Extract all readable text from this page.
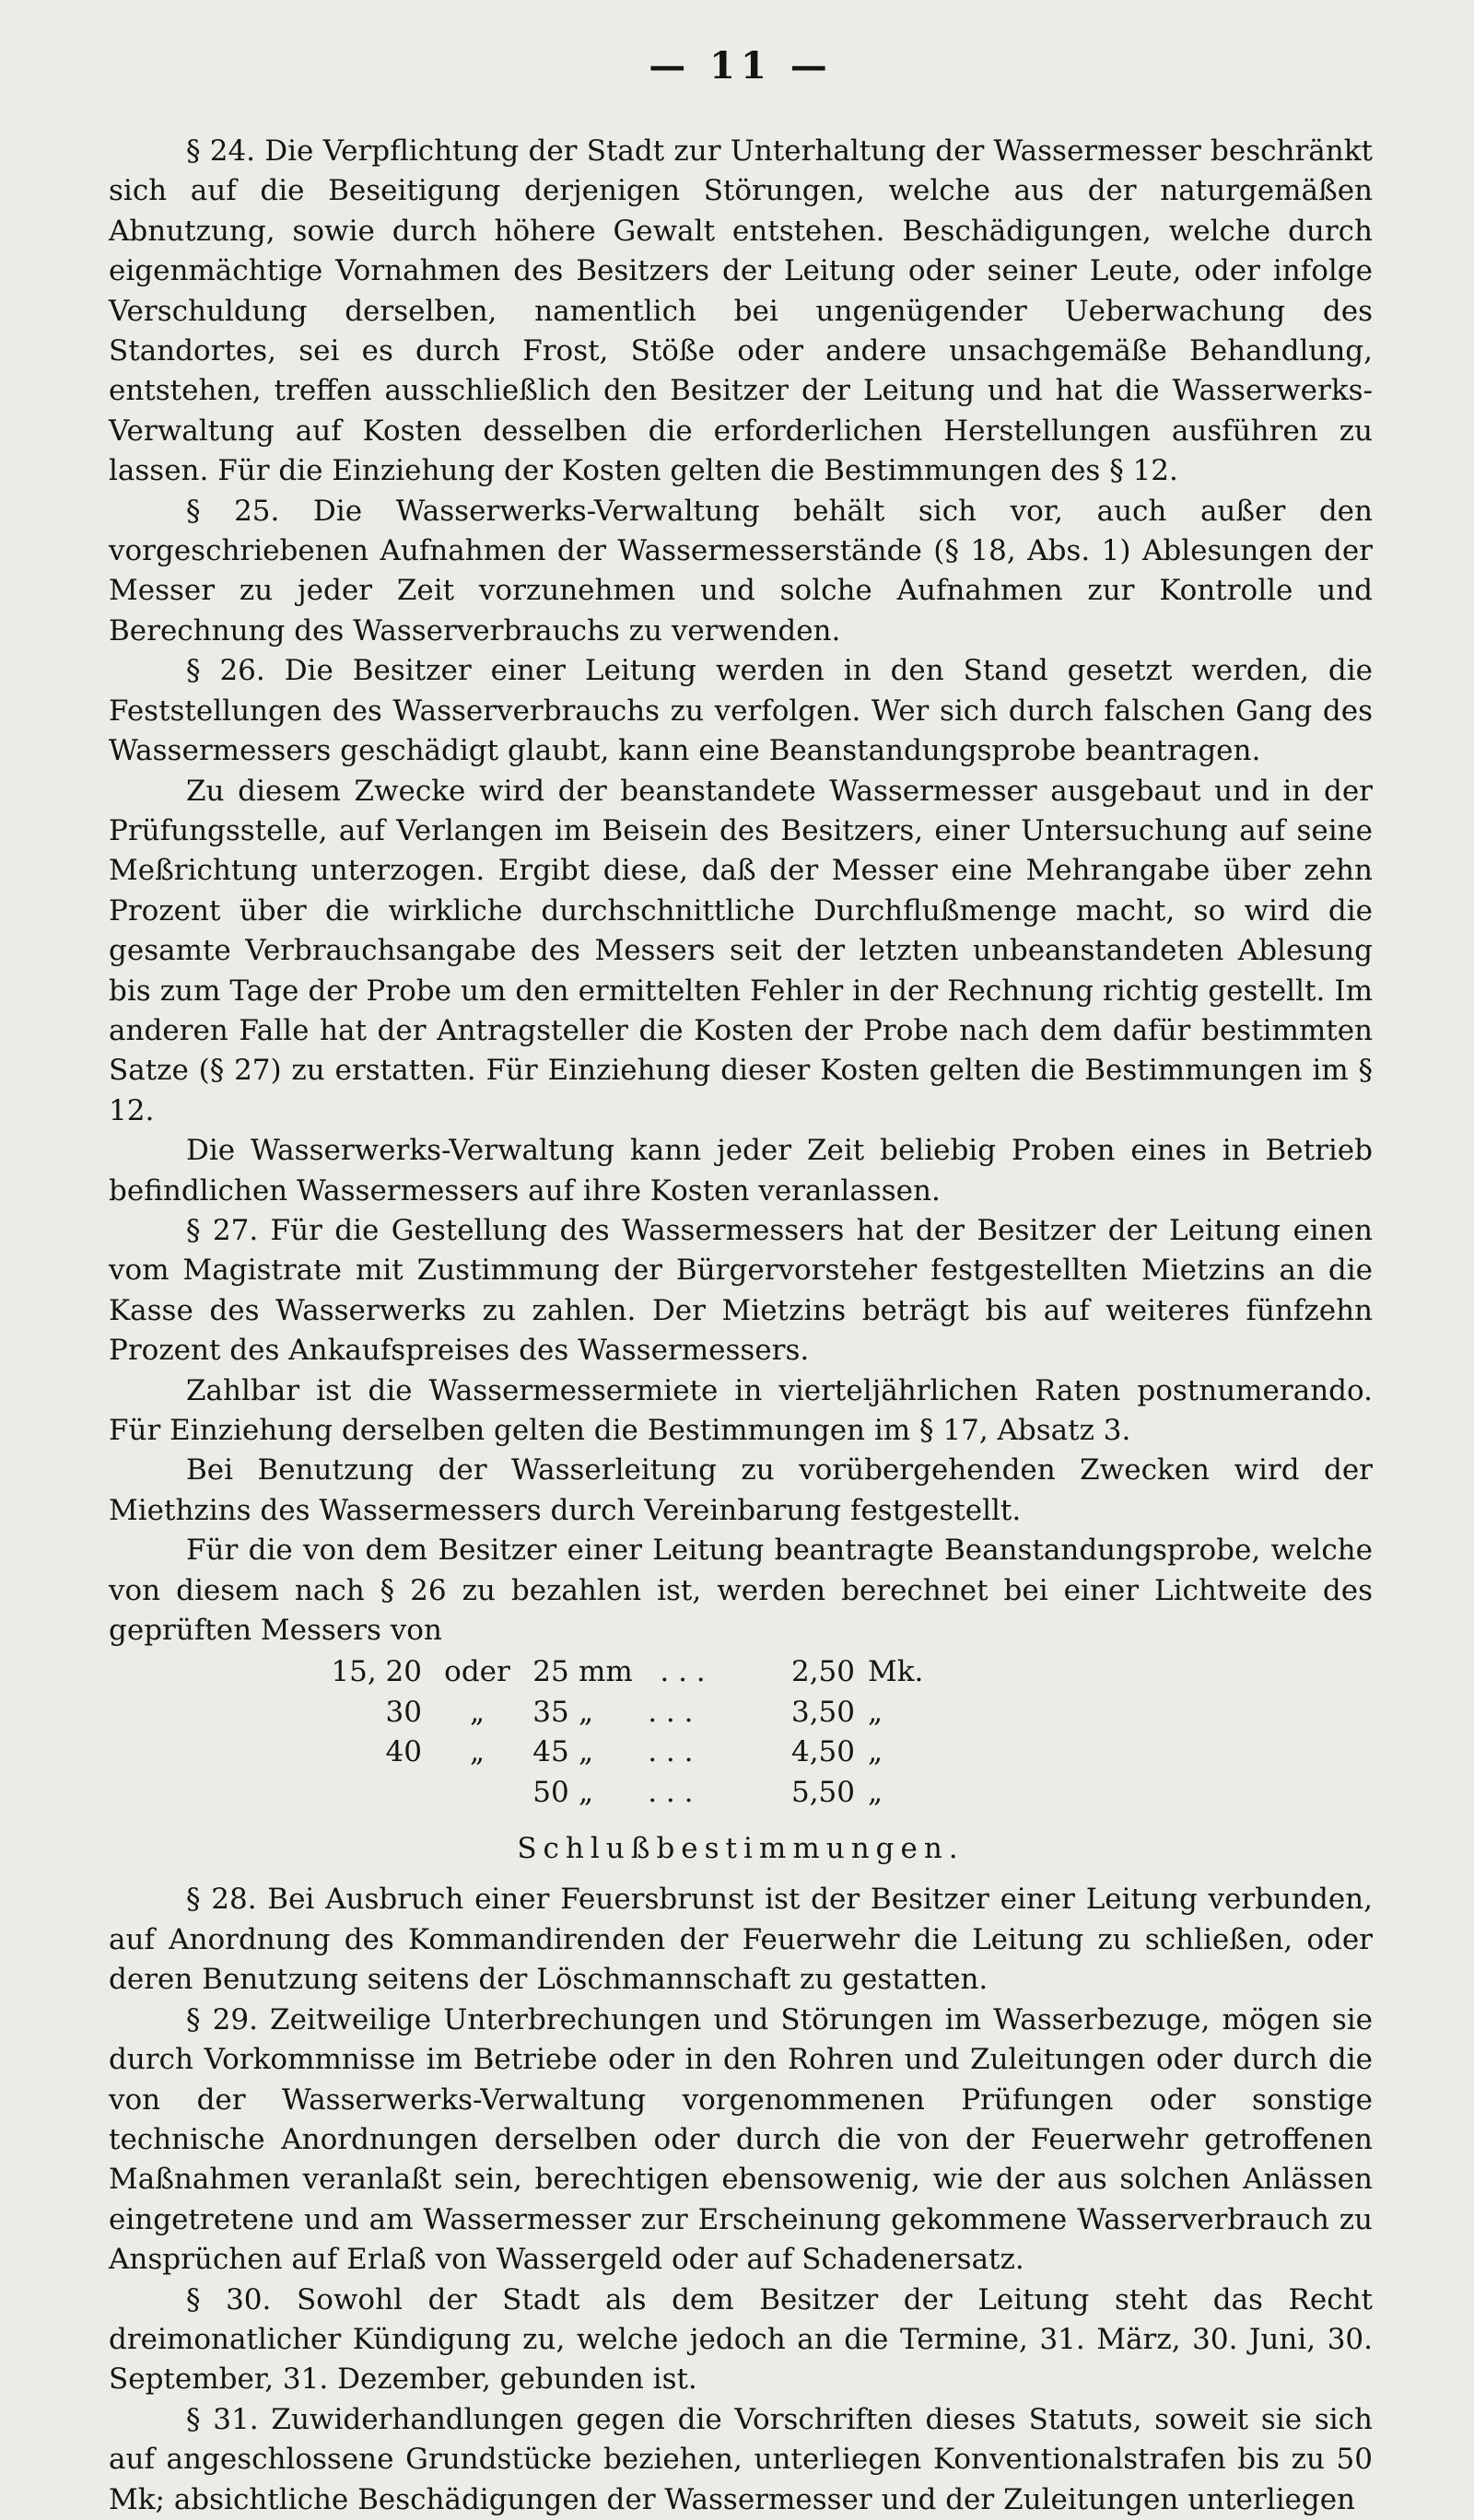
— 11 —

§ 24. Die Verpflichtung der Stadt zur Unterhaltung der Wassermesser beschränkt sich auf die Beseitigung derjenigen Störungen, welche aus der naturgemäßen Abnutzung, sowie durch höhere Gewalt entstehen. Beschädigungen, welche durch eigenmächtige Vornahmen des Besitzers der Leitung oder seiner Leute, oder infolge Verschuldung derselben, namentlich bei ungenügender Ueberwachung des Standortes, sei es durch Frost, Stöße oder andere unsachgemäße Behandlung, entstehen, treffen ausschließlich den Besitzer der Leitung und hat die Wasserwerks-Verwaltung auf Kosten desselben die erforderlichen Herstellungen ausführen zu lassen. Für die Einziehung der Kosten gelten die Bestimmungen des § 12.

§ 25. Die Wasserwerks-Verwaltung behält sich vor, auch außer den vorgeschriebenen Aufnahmen der Wassermesserstände (§ 18, Abs. 1) Ablesungen der Messer zu jeder Zeit vorzunehmen und solche Aufnahmen zur Kontrolle und Berechnung des Wasserverbrauchs zu verwenden.

§ 26. Die Besitzer einer Leitung werden in den Stand gesetzt werden, die Feststellungen des Wasserverbrauchs zu verfolgen. Wer sich durch falschen Gang des Wassermessers geschädigt glaubt, kann eine Beanstandungsprobe beantragen.

Zu diesem Zwecke wird der beanstandete Wassermesser ausgebaut und in der Prüfungsstelle, auf Verlangen im Beisein des Besitzers, einer Untersuchung auf seine Meßrichtung unterzogen. Ergibt diese, daß der Messer eine Mehrangabe über zehn Prozent über die wirkliche durchschnittliche Durchflußmenge macht, so wird die gesamte Verbrauchsangabe des Messers seit der letzten unbeanstandeten Ablesung bis zum Tage der Probe um den ermittelten Fehler in der Rechnung richtig gestellt. Im anderen Falle hat der Antragsteller die Kosten der Probe nach dem dafür bestimmten Satze (§ 27) zu erstatten. Für Einziehung dieser Kosten gelten die Bestimmungen im § 12.

Die Wasserwerks-Verwaltung kann jeder Zeit beliebig Proben eines in Betrieb befindlichen Wassermessers auf ihre Kosten veranlassen.

§ 27. Für die Gestellung des Wassermessers hat der Besitzer der Leitung einen vom Magistrate mit Zustimmung der Bürgervorsteher festgestellten Mietzins an die Kasse des Wasserwerks zu zahlen. Der Mietzins beträgt bis auf weiteres fünfzehn Prozent des Ankaufspreises des Wassermessers.

Zahlbar ist die Wassermessermiete in vierteljährlichen Raten postnumerando. Für Einziehung derselben gelten die Bestimmungen im § 17, Absatz 3.

Bei Benutzung der Wasserleitung zu vorübergehenden Zwecken wird der Miethzins des Wassermessers durch Vereinbarung festgestellt.

Für die von dem Besitzer einer Leitung beantragte Beanstandungsprobe, welche von diesem nach § 26 zu bezahlen ist, werden berechnet bei einer Lichtweite des geprüften Messers von

15, 20	oder	25	mm . . .	2,50	Mk.
30	„	35	„ . . .	3,50	„
40	„	45	„ . . .	4,50	„
		50	„ . . .	5,50	„
Schlußbestimmungen.

§ 28. Bei Ausbruch einer Feuersbrunst ist der Besitzer einer Leitung verbunden, auf Anordnung des Kommandirenden der Feuerwehr die Leitung zu schließen, oder deren Benutzung seitens der Löschmannschaft zu gestatten.

§ 29. Zeitweilige Unterbrechungen und Störungen im Wasserbezuge, mögen sie durch Vorkommnisse im Betriebe oder in den Rohren und Zuleitungen oder durch die von der Wasserwerks-Verwaltung vorgenommenen Prüfungen oder sonstige technische Anordnungen derselben oder durch die von der Feuerwehr getroffenen Maßnahmen veranlaßt sein, berechtigen ebensowenig, wie der aus solchen Anlässen eingetretene und am Wassermesser zur Erscheinung gekommene Wasserverbrauch zu Ansprüchen auf Erlaß von Wassergeld oder auf Schadenersatz.

§ 30. Sowohl der Stadt als dem Besitzer der Leitung steht das Recht dreimonatlicher Kündigung zu, welche jedoch an die Termine, 31. März, 30. Juni, 30. September, 31. Dezember, gebunden ist.

§ 31. Zuwiderhandlungen gegen die Vorschriften dieses Statuts, soweit sie sich auf angeschlossene Grundstücke beziehen, unterliegen Konventionalstrafen bis zu 50 Mk; absichtliche Beschädigungen der Wassermesser und der Zuleitungen unterliegen
